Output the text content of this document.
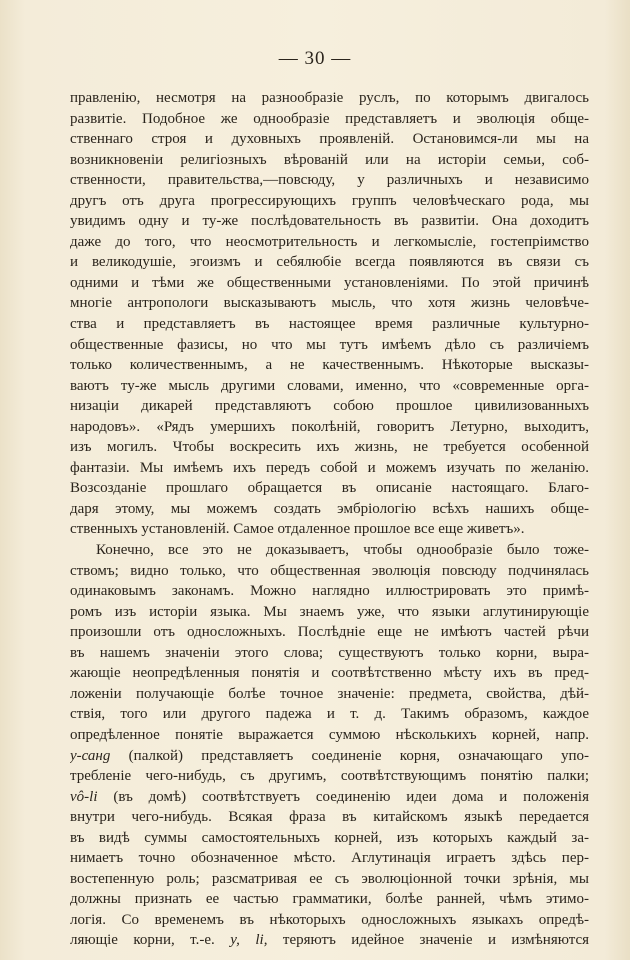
— 30 —
правленію, несмотря на разнообразіе руслъ, по которымъ двигалось
развитіе. Подобное же однообразіе представляетъ и эволюція обще-
ственнаго строя и духовныхъ проявленій. Остановимся-ли мы на
возникновеніи религіозныхъ вѣрованій или на исторіи семьи, соб-
ственности, правительства,—повсюду, у различныхъ и независимо
другъ отъ друга прогрессирующихъ группъ человѣческаго рода, мы
увидимъ одну и ту-же послѣдовательность въ развитіи. Она доходитъ
даже до того, что неосмотрительность и легкомысліе, гостепріимство
и великодушіе, эгоизмъ и себялюбіе всегда появляются въ связи съ
одними и тѣми же общественными установленіями. По этой причинѣ
многіе антропологи высказываютъ мысль, что хотя жизнь человѣче-
ства и представляетъ въ настоящее время различные культурно-
общественные фазисы, но что мы тутъ имѣемъ дѣло съ различіемъ
только количественнымъ, а не качественнымъ. Нѣкоторые высказы-
ваютъ ту-же мысль другими словами, именно, что «современные орга-
низаціи дикарей представляютъ собою прошлое цивилизованныхъ
народовъ». «Рядъ умершихъ поколѣній, говоритъ Летурно, выходитъ,
изъ могилъ. Чтобы воскресить ихъ жизнь, не требуется особенной
фантазіи. Мы имѣемъ ихъ передъ собой и можемъ изучать по желанію.
Возсозданіе прошлаго обращается въ описаніе настоящаго. Благо-
даря этому, мы можемъ создать эмбріологію всѣхъ нашихъ обще-
ственныхъ установленій. Самое отдаленное прошлое все еще живетъ».
Конечно, все это не доказываетъ, чтобы однообразіе было тоже-
ствомъ; видно только, что общественная эволюція повсюду подчинялась
одинаковымъ законамъ. Можно наглядно иллюстрировать это примѣ-
ромъ изъ исторіи языка. Мы знаемъ уже, что языки аглутинирующіе
произошли отъ односложныхъ. Послѣдніе еще не имѣютъ частей рѣчи
въ нашемъ значеніи этого слова; существуютъ только корни, выра-
жающіе неопредѣленныя понятія и соотвѣтственно мѣсту ихъ въ пред-
ложеніи получающіе болѣе точное значеніе: предмета, свойства, дѣй-
ствія, того или другого падежа и т. д. Такимъ образомъ, каждое
опредѣленное понятіе выражается суммою нѣсколькихъ корней, напр.
у-санg (палкой) представляетъ соединеніе корня, означающаго упо-
требленіе чего-нибудь, съ другимъ, соотвѣтствующимъ понятію палки;
vô-li (въ домѣ) соотвѣтствуетъ соединенію идеи дома и положенія
внутри чего-нибудь. Всякая фраза въ китайскомъ языкѣ передается
въ видѣ суммы самостоятельныхъ корней, изъ которыхъ каждый за-
нимаетъ точно обозначенное мѣсто. Аглутинація играетъ здѣсь пер-
востепенную роль; разсматривая ее съ эволюціонной точки зрѣнія, мы
должны признать ее частью грамматики, болѣе ранней, чѣмъ этимо-
логія. Со временемъ въ нѣкоторыхъ односложныхъ языкахъ опредѣ-
ляющіе корни, т.-е. у, li, теряютъ идейное значеніе и измѣняются
